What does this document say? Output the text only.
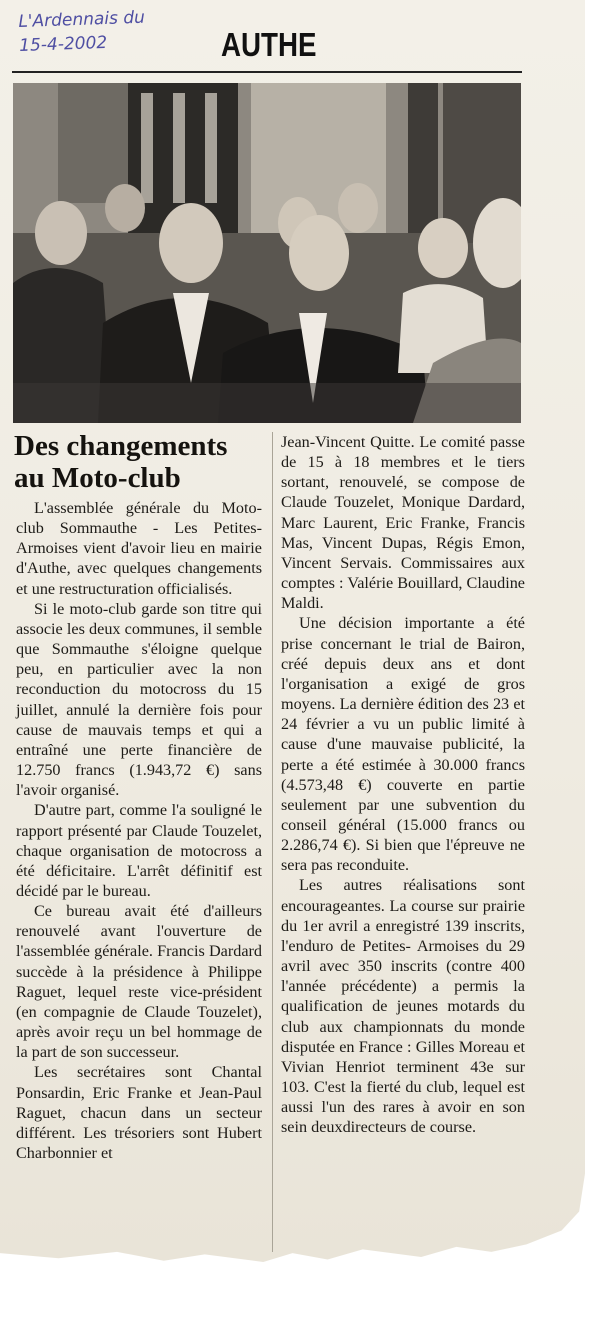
L'Ardennais du
15-4-2002	AUTHE
Des changements
au Moto-club

L'assemblée générale du Moto-club Sommauthe - Les Petites-Armoises vient d'avoir lieu en mairie d'Authe, avec quelques changements et une restructuration officialisés.

Si le moto-club garde son titre qui associe les deux communes, il semble que Sommauthe s'éloigne quelque peu, en particulier avec la non reconduction du motocross du 15 juillet, annulé la dernière fois pour cause de mauvais temps et qui a entraîné une perte financière de 12.750 francs (1.943,72 €) sans l'avoir organisé.

D'autre part, comme l'a souligné le rapport présenté par Claude Touzelet, chaque organisation de motocross a été déficitaire. L'arrêt définitif est décidé par le bureau.

Ce bureau avait été d'ailleurs renouvelé avant l'ouverture de l'assemblée générale. Francis Dardard succède à la présidence à Philippe Raguet, lequel reste vice-président (en compagnie de Claude Touzelet), après avoir reçu un bel hommage de la part de son successeur.

Les secrétaires sont Chantal Ponsardin, Eric Franke et Jean-Paul Raguet, chacun dans un secteur différent. Les trésoriers sont Hubert Charbonnier et

Jean-Vincent Quitte. Le comité passe de 15 à 18 membres et le tiers sortant, renouvelé, se compose de Claude Touzelet, Monique Dardard, Marc Laurent, Eric Franke, Francis Mas, Vincent Dupas, Régis Emon, Vincent Servais. Commissaires aux comptes : Valérie Bouillard, Claudine Maldi.

Une décision importante a été prise concernant le trial de Bairon, créé depuis deux ans et dont l'organisation a exigé de gros moyens. La dernière édition des 23 et 24 février a vu un public limité à cause d'une mauvaise publicité, la perte a été estimée à 30.000 francs (4.573,48 €) couverte en partie seulement par une subvention du conseil général (15.000 francs ou 2.286,74 €). Si bien que l'épreuve ne sera pas reconduite.

Les autres réalisations sont encourageantes. La course sur prairie du 1er avril a enregistré 139 inscrits, l'enduro de Petites- Armoises du 29 avril avec 350 inscrits (contre 400 l'année précédente) a permis la qualification de jeunes motards du club aux championnats du monde disputée en France : Gilles Moreau et Vivian Henriot terminent 43e sur 103. C'est la fierté du club, lequel est aussi l'un des rares à avoir en son sein deuxdirecteurs de course.
